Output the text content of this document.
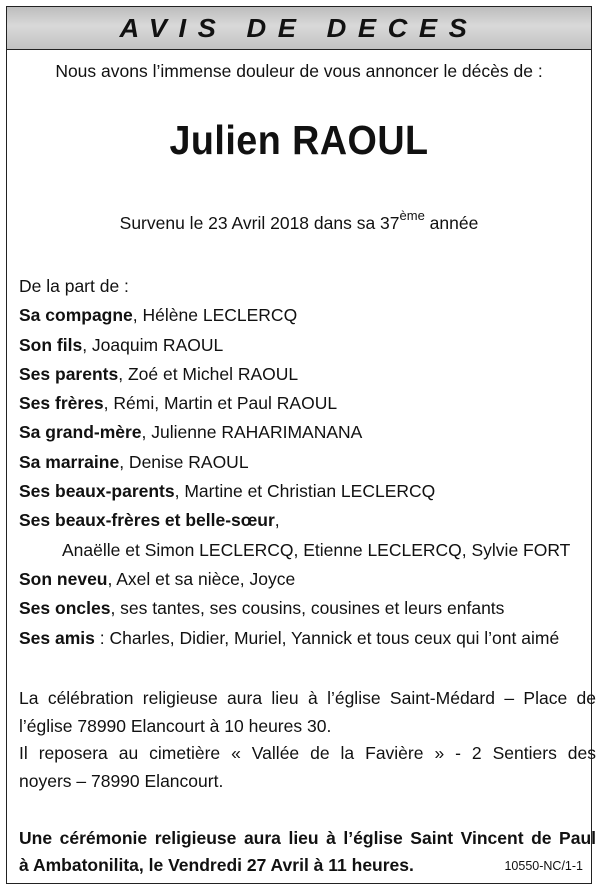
AVIS DE DECES
Nous avons l’immense douleur de vous annoncer le décès de :
Julien RAOUL
Survenu le 23 Avril 2018 dans sa 37ème année
De la part de :
Sa compagne, Hélène LECLERCQ
Son fils, Joaquim RAOUL
Ses parents, Zoé et Michel RAOUL
Ses frères, Rémi, Martin et Paul RAOUL
Sa grand-mère, Julienne RAHARIMANANA
Sa marraine, Denise RAOUL
Ses beaux-parents, Martine et Christian LECLERCQ
Ses beaux-frères et belle-sœur,
Anaëlle et Simon LECLERCQ, Etienne LECLERCQ, Sylvie FORT
Son neveu, Axel et sa nièce, Joyce
Ses oncles, ses tantes, ses cousins, cousines et leurs enfants
Ses amis : Charles, Didier, Muriel, Yannick et tous ceux qui l’ont aimé
La célébration religieuse aura lieu à l’église Saint-Médard – Place de
l’église 78990 Elancourt à 10 heures 30.
Il reposera au cimetière « Vallée de la Favière » - 2 Sentiers des
noyers – 78990 Elancourt.
Une cérémonie religieuse aura lieu à l’église Saint Vincent de Paul
à Ambatonilita, le Vendredi 27 Avril à 11 heures.	10550-NC/1-1
